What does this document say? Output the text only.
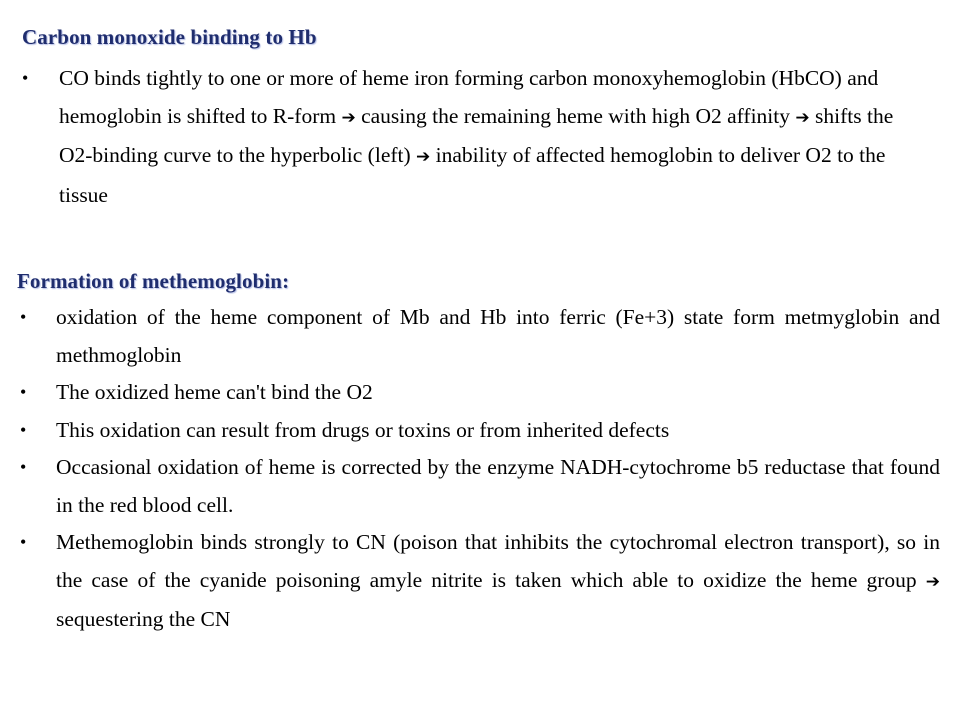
Carbon monoxide binding to Hb
•	CO binds tightly to one or more of heme iron forming carbon monoxyhemoglobin (HbCO) and hemoglobin is shifted to R-form ➔ causing the remaining heme with high O2 affinity ➔ shifts the O2-binding curve to the hyperbolic (left) ➔ inability of affected hemoglobin to deliver O2 to the tissue
Formation of methemoglobin:
•	oxidation of the heme component of Mb and Hb into ferric (Fe+3) state form metmyglobin and methmoglobin
•	The oxidized heme can't bind the O2
•	This oxidation can result from drugs or toxins or from inherited defects
•	Occasional oxidation of heme is corrected by the enzyme NADH-cytochrome b5 reductase that found in the red blood cell.
•	Methemoglobin binds strongly to CN (poison that inhibits the cytochromal electron transport), so in the case of the cyanide poisoning amyle nitrite is taken which able to oxidize the heme group ➔ sequestering the CN
